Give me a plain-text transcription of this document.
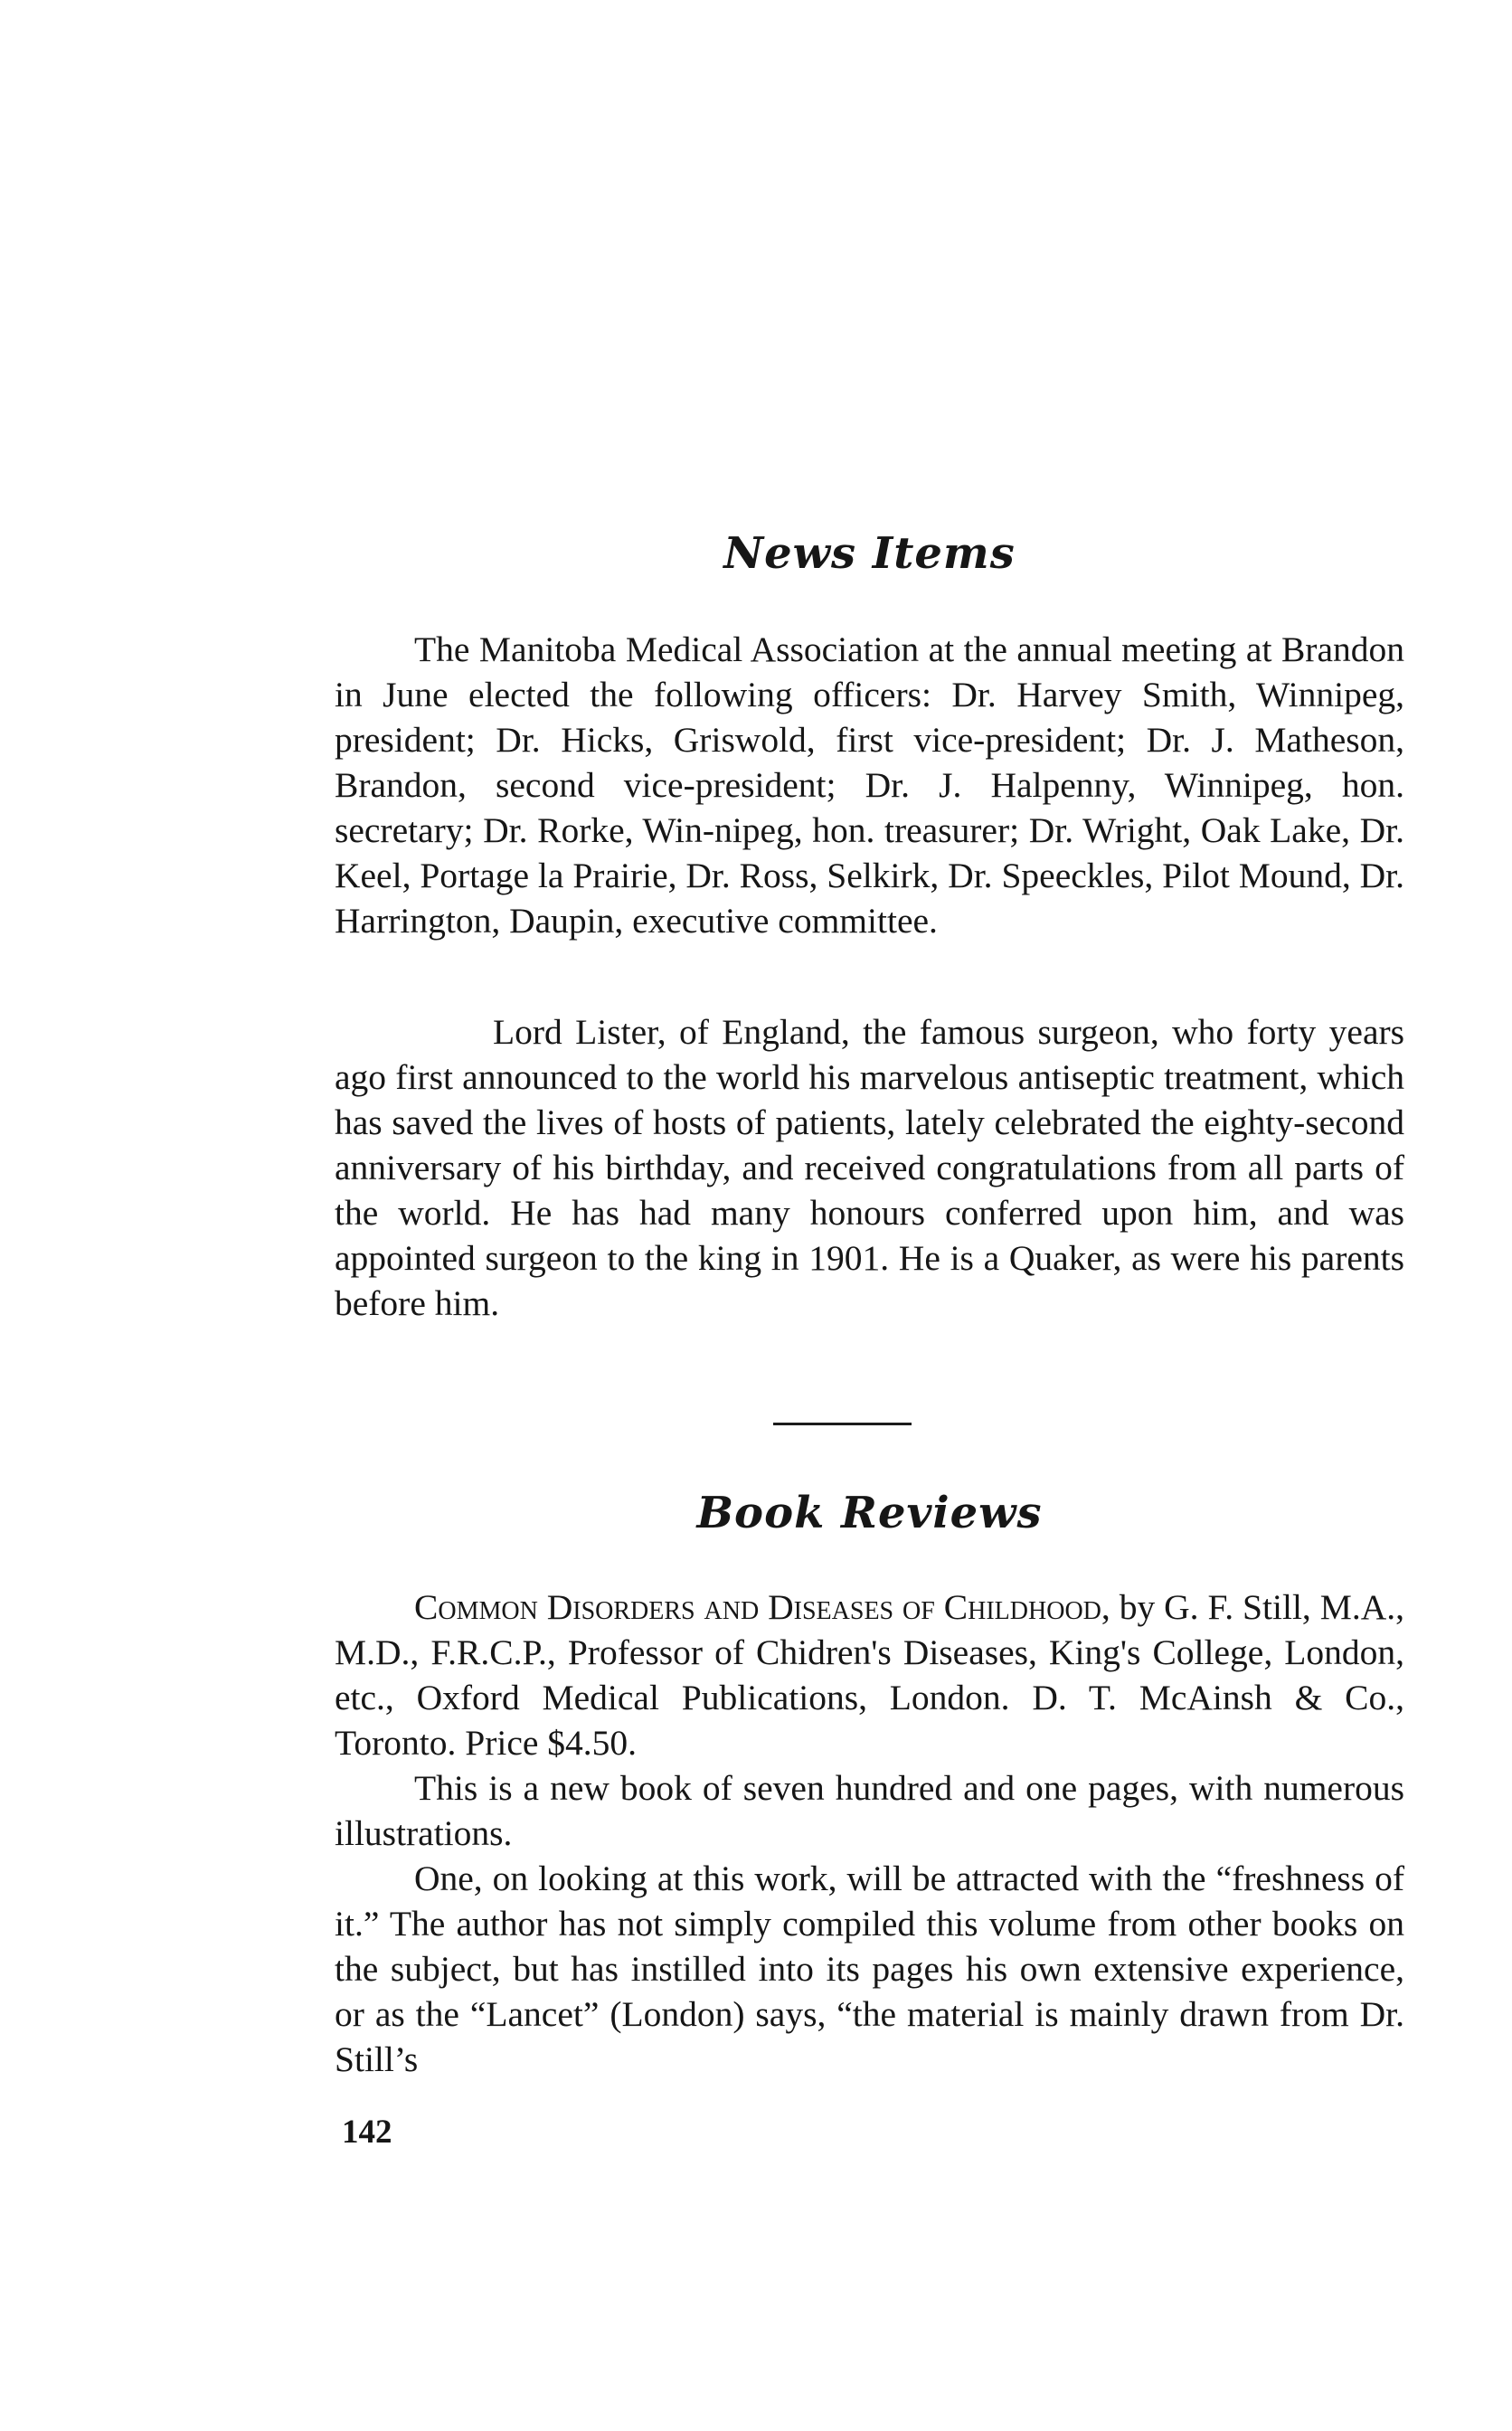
News Items

The Manitoba Medical Association at the annual meeting at Brandon in June elected the following officers: Dr. Harvey Smith, Winnipeg, president; Dr. Hicks, Griswold, first vice-president; Dr. J. Matheson, Brandon, second vice-president; Dr. J. Halpenny, Winnipeg, hon. secretary; Dr. Rorke, Win-nipeg, hon. treasurer; Dr. Wright, Oak Lake, Dr. Keel, Portage la Prairie, Dr. Ross, Selkirk, Dr. Speeckles, Pilot Mound, Dr. Harrington, Daupin, executive committee.

Lord Lister, of England, the famous surgeon, who forty years ago first announced to the world his marvelous antiseptic treatment, which has saved the lives of hosts of patients, lately celebrated the eighty-second anniversary of his birthday, and received congratulations from all parts of the world. He has had many honours conferred upon him, and was appointed surgeon to the king in 1901. He is a Quaker, as were his parents before him.

Book Reviews

Common Disorders and Diseases of Childhood, by G. F. Still, M.A., M.D., F.R.C.P., Professor of Chidren's Diseases, King's College, London, etc., Oxford Medical Publications, London. D. T. McAinsh & Co., Toronto. Price $4.50.

This is a new book of seven hundred and one pages, with numerous illustrations.

One, on looking at this work, will be attracted with the “freshness of it.” The author has not simply compiled this volume from other books on the subject, but has instilled into its pages his own extensive experience, or as the “Lancet” (London) says, “the material is mainly drawn from Dr. Still’s

142
